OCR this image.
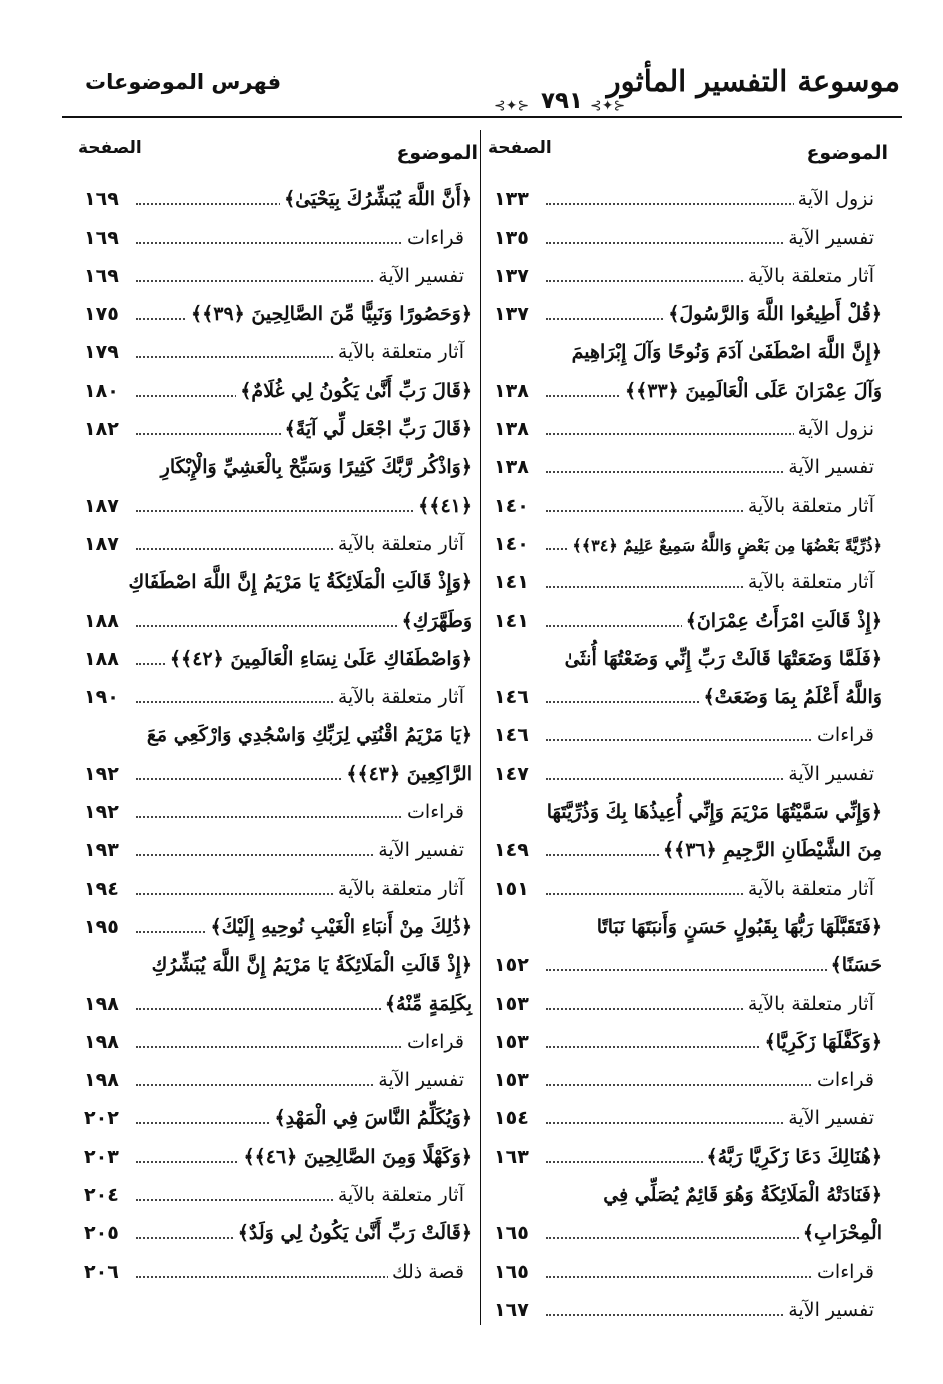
موسوعة التفسير المأثور
⊰✦⊱ ٧٩١ ⊰✦⊱
فهرس الموضوعات
الموضوع
الصفحة
١٣٣	نزول الآية
١٣٥	تفسير الآية
١٣٧	آثار متعلقة بالآية
١٣٧	﴿قُلْ أَطِيعُوا اللَّهَ وَالرَّسُولَ﴾
﴿إِنَّ اللَّهَ اصْطَفَىٰ آدَمَ وَنُوحًا وَآلَ إِبْرَاهِيمَ
١٣٨	وَآلَ عِمْرَانَ عَلَى الْعَالَمِينَ ﴿٣٣﴾﴾
١٣٨	نزول الآية
١٣٨	تفسير الآية
١٤٠	آثار متعلقة بالآية
١٤٠	﴿ذُرِّيَّةً بَعْضُهَا مِن بَعْضٍ وَاللَّهُ سَمِيعٌ عَلِيمٌ ﴿٣٤﴾﴾
١٤١	آثار متعلقة بالآية
١٤١	﴿إِذْ قَالَتِ امْرَأَتُ عِمْرَانَ﴾
﴿فَلَمَّا وَضَعَتْهَا قَالَتْ رَبِّ إِنِّي وَضَعْتُهَا أُنثَىٰ
١٤٦	وَاللَّهُ أَعْلَمُ بِمَا وَضَعَتْ﴾
١٤٦	قراءات
١٤٧	تفسير الآية
﴿وَإِنِّي سَمَّيْتُهَا مَرْيَمَ وَإِنِّي أُعِيذُهَا بِكَ وَذُرِّيَّتَهَا
١٤٩	مِنَ الشَّيْطَانِ الرَّجِيمِ ﴿٣٦﴾﴾
١٥١	آثار متعلقة بالآية
﴿فَتَقَبَّلَهَا رَبُّهَا بِقَبُولٍ حَسَنٍ وَأَنبَتَهَا نَبَاتًا
١٥٢	حَسَنًا﴾
١٥٣	آثار متعلقة بالآية
١٥٣	﴿وَكَفَّلَهَا زَكَرِيَّا﴾
١٥٣	قراءات
١٥٤	تفسير الآية
١٦٣	﴿هُنَالِكَ دَعَا زَكَرِيَّا رَبَّهُ﴾
﴿فَنَادَتْهُ الْمَلَائِكَةُ وَهُوَ قَائِمٌ يُصَلِّي فِي
١٦٥	الْمِحْرَابِ﴾
١٦٥	قراءات
١٦٧	تفسير الآية
الموضوع
الصفحة
١٦٩	﴿أَنَّ اللَّهَ يُبَشِّرُكَ بِيَحْيَىٰ﴾
١٦٩	قراءات
١٦٩	تفسير الآية
١٧٥	﴿وَحَصُورًا وَنَبِيًّا مِّنَ الصَّالِحِينَ ﴿٣٩﴾﴾
١٧٩	آثار متعلقة بالآية
١٨٠	﴿قَالَ رَبِّ أَنَّىٰ يَكُونُ لِي غُلَامٌ﴾
١٨٢	﴿قَالَ رَبِّ اجْعَل لِّي آيَةً﴾
﴿وَاذْكُر رَّبَّكَ كَثِيرًا وَسَبِّحْ بِالْعَشِيِّ وَالْإِبْكَارِ
١٨٧	﴿٤١﴾﴾
١٨٧	آثار متعلقة بالآية
﴿وَإِذْ قَالَتِ الْمَلَائِكَةُ يَا مَرْيَمُ إِنَّ اللَّهَ اصْطَفَاكِ
١٨٨	وَطَهَّرَكِ﴾
١٨٨	﴿وَاصْطَفَاكِ عَلَىٰ نِسَاءِ الْعَالَمِينَ ﴿٤٢﴾﴾
١٩٠	آثار متعلقة بالآية
﴿يَا مَرْيَمُ اقْنُتِي لِرَبِّكِ وَاسْجُدِي وَارْكَعِي مَعَ
١٩٢	الرَّاكِعِينَ ﴿٤٣﴾﴾
١٩٢	قراءات
١٩٣	تفسير الآية
١٩٤	آثار متعلقة بالآية
١٩٥	﴿ذَٰلِكَ مِنْ أَنبَاءِ الْغَيْبِ نُوحِيهِ إِلَيْكَ﴾
﴿إِذْ قَالَتِ الْمَلَائِكَةُ يَا مَرْيَمُ إِنَّ اللَّهَ يُبَشِّرُكِ
١٩٨	بِكَلِمَةٍ مِّنْهُ﴾
١٩٨	قراءات
١٩٨	تفسير الآية
٢٠٢	﴿وَيُكَلِّمُ النَّاسَ فِي الْمَهْدِ﴾
٢٠٣	﴿وَكَهْلًا وَمِنَ الصَّالِحِينَ ﴿٤٦﴾﴾
٢٠٤	آثار متعلقة بالآية
٢٠٥	﴿قَالَتْ رَبِّ أَنَّىٰ يَكُونُ لِي وَلَدٌ﴾
٢٠٦	قصة ذلك
